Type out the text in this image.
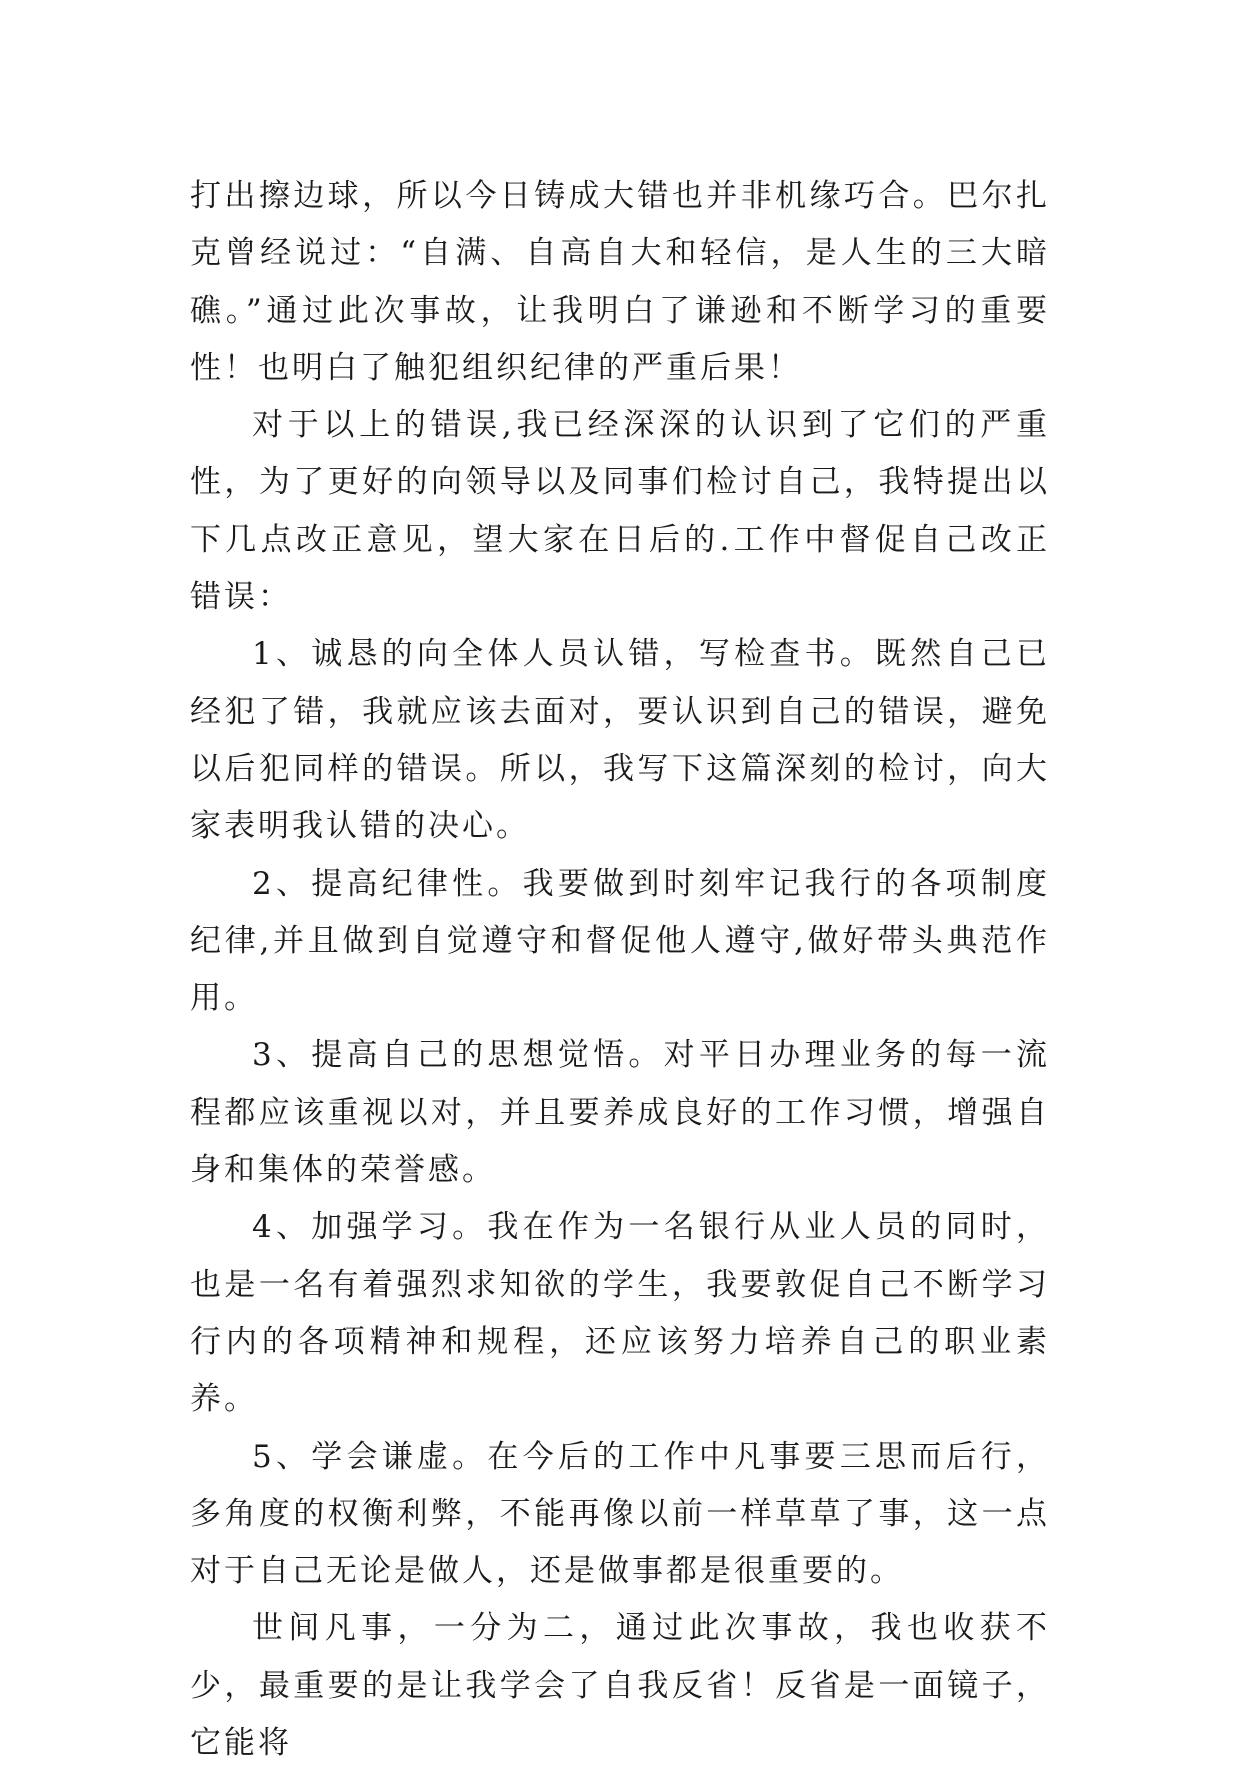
打出擦边球，所以今日铸成大错也并非机缘巧合。巴尔扎克曾经说过：“自满、自高自大和轻信，是人生的三大暗礁。”通过此次事故，让我明白了谦逊和不断学习的重要性！也明白了触犯组织纪律的严重后果！

对于以上的错误,我已经深深的认识到了它们的严重性，为了更好的向领导以及同事们检讨自己，我特提出以下几点改正意见，望大家在日后的.工作中督促自己改正错误：

1、诚恳的向全体人员认错，写检查书。既然自己已经犯了错，我就应该去面对，要认识到自己的错误，避免以后犯同样的错误。所以，我写下这篇深刻的检讨，向大家表明我认错的决心。

2、提高纪律性。我要做到时刻牢记我行的各项制度纪律,并且做到自觉遵守和督促他人遵守,做好带头典范作用。

3、提高自己的思想觉悟。对平日办理业务的每一流程都应该重视以对，并且要养成良好的工作习惯，增强自身和集体的荣誉感。

4、加强学习。我在作为一名银行从业人员的同时，也是一名有着强烈求知欲的学生，我要敦促自己不断学习行内的各项精神和规程，还应该努力培养自己的职业素养。

5、学会谦虚。在今后的工作中凡事要三思而后行，多角度的权衡利弊，不能再像以前一样草草了事，这一点对于自己无论是做人，还是做事都是很重要的。

世间凡事，一分为二，通过此次事故，我也收获不少，最重要的是让我学会了自我反省！反省是一面镜子，它能将
